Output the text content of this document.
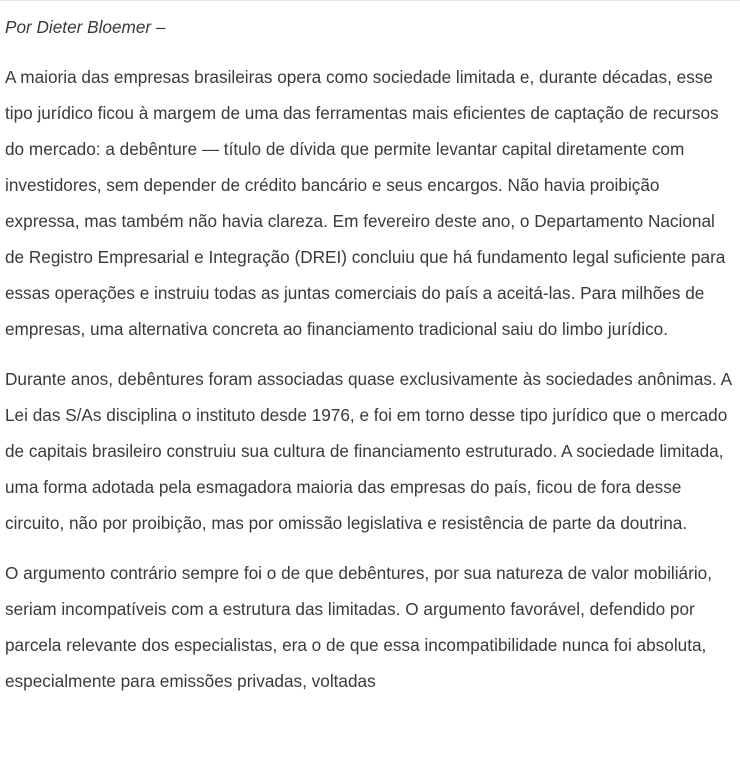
Por Dieter Bloemer –

A maioria das empresas brasileiras opera como sociedade limitada e, durante décadas, esse tipo jurídico ficou à margem de uma das ferramentas mais eficientes de captação de recursos do mercado: a debênture — título de dívida que permite levantar capital diretamente com investidores, sem depender de crédito bancário e seus encargos. Não havia proibição expressa, mas também não havia clareza. Em fevereiro deste ano, o Departamento Nacional de Registro Empresarial e Integração (DREI) concluiu que há fundamento legal suficiente para essas operações e instruiu todas as juntas comerciais do país a aceitá-las. Para milhões de empresas, uma alternativa concreta ao financiamento tradicional saiu do limbo jurídico.

Durante anos, debêntures foram associadas quase exclusivamente às sociedades anônimas. A Lei das S/As disciplina o instituto desde 1976, e foi em torno desse tipo jurídico que o mercado de capitais brasileiro construiu sua cultura de financiamento estruturado. A sociedade limitada, uma forma adotada pela esmagadora maioria das empresas do país, ficou de fora desse circuito, não por proibição, mas por omissão legislativa e resistência de parte da doutrina.

O argumento contrário sempre foi o de que debêntures, por sua natureza de valor mobiliário, seriam incompatíveis com a estrutura das limitadas. O argumento favorável, defendido por parcela relevante dos especialistas, era o de que essa incompatibilidade nunca foi absoluta, especialmente para emissões privadas, voltadas
